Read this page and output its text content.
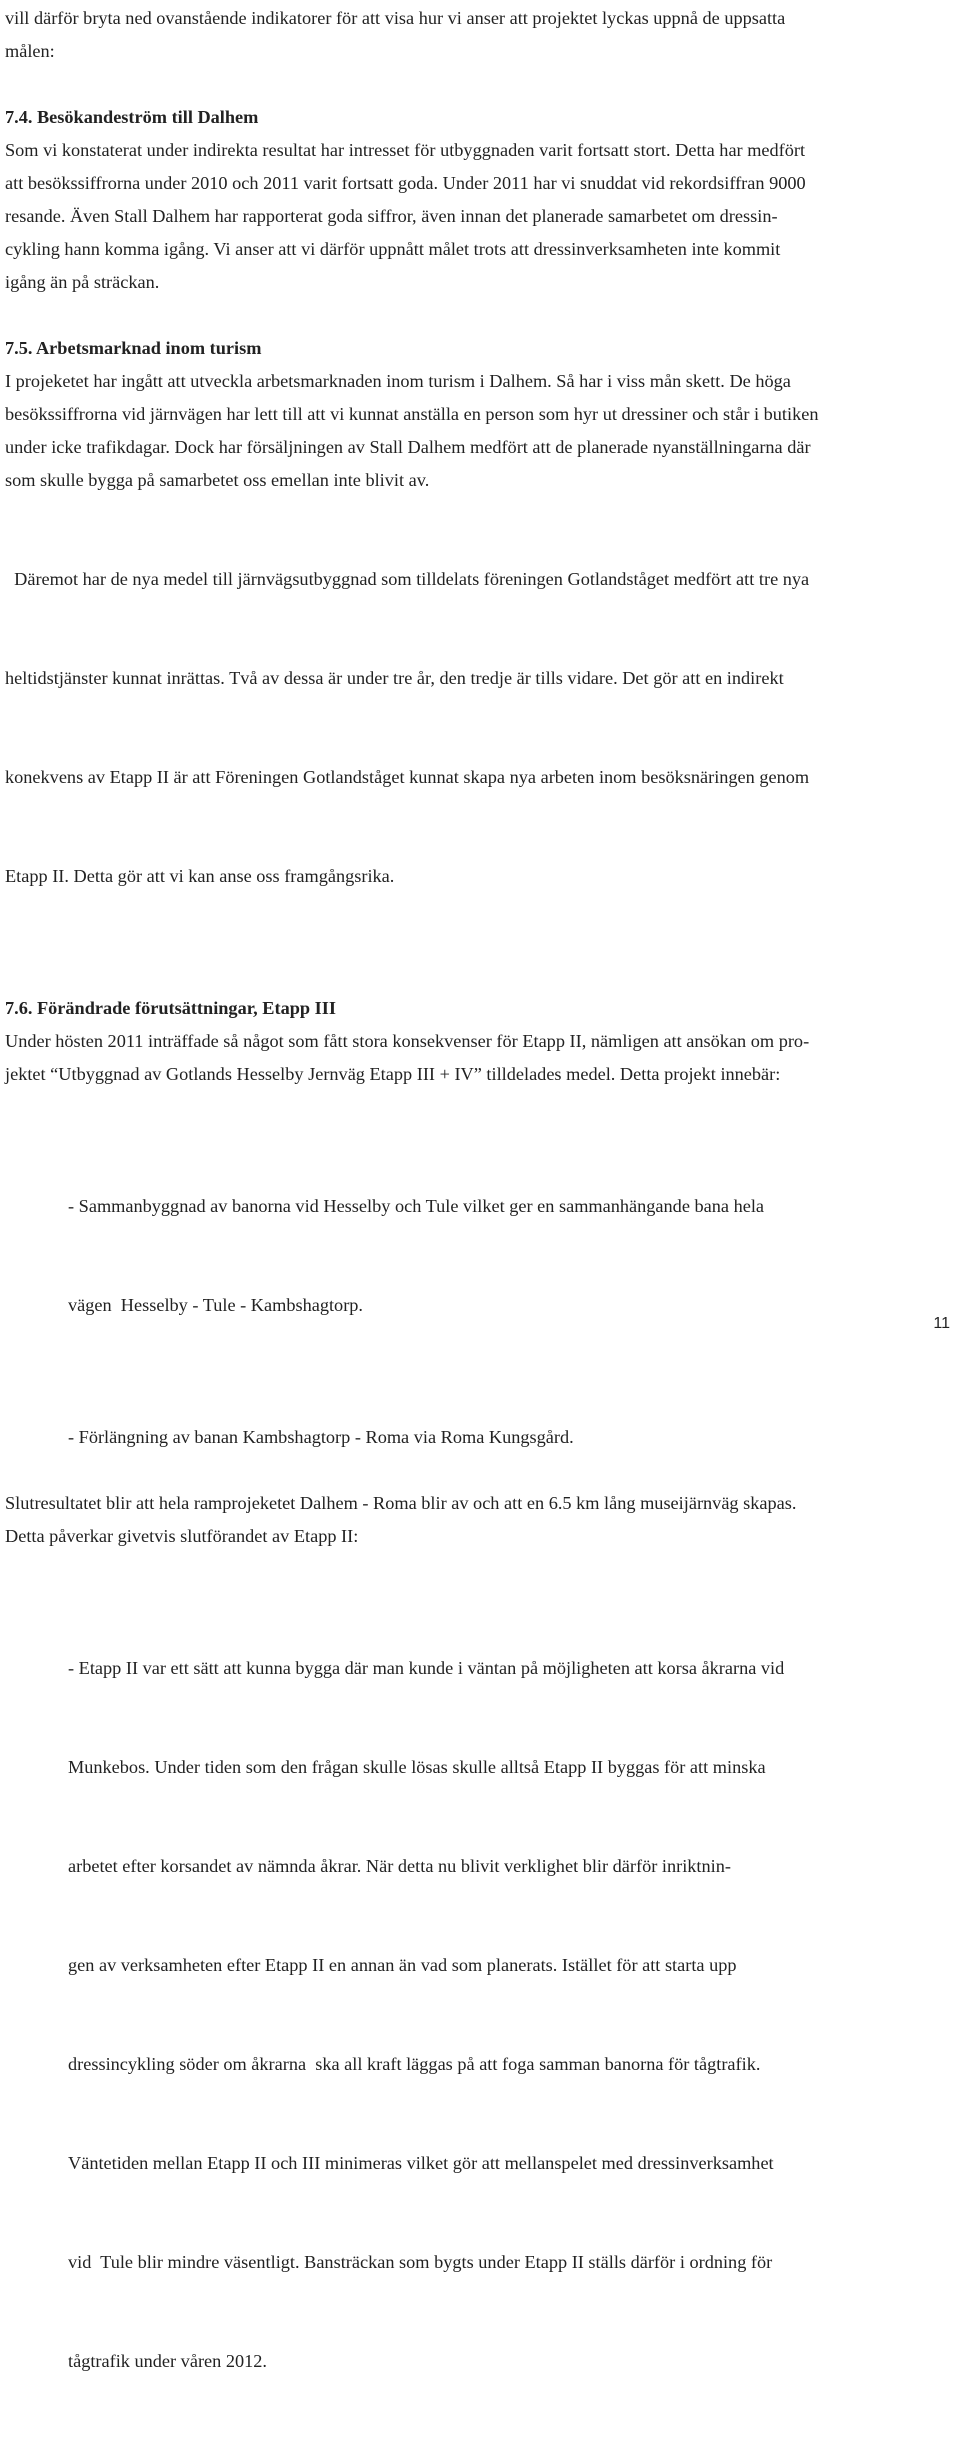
vill därför bryta ned ovanstående indikatorer för att visa hur vi anser att projektet lyckas uppnå de uppsatta
målen:

7.4. Besökandeström till Dalhem

Som vi konstaterat under indirekta resultat har intresset för utbyggnaden varit fortsatt stort. Detta har medfört
att besökssiffrorna under 2010 och 2011 varit fortsatt goda. Under 2011 har vi snuddat vid rekordsiffran 9000
resande. Även Stall Dalhem har rapporterat goda siffror, även innan det planerade samarbetet om dressin-
cykling hann komma igång. Vi anser att vi därför uppnått målet trots att dressinverksamheten inte kommit
igång än på sträckan.

7.5. Arbetsmarknad inom turism

I projeketet har ingått att utveckla arbetsmarknaden inom turism i Dalhem. Så har i viss mån skett. De höga
besökssiffrorna vid järnvägen har lett till att vi kunnat anställa en person som hyr ut dressiner och står i butiken
under icke trafikdagar. Dock har försäljningen av Stall Dalhem medfört att de planerade nyanställningarna där
som skulle bygga på samarbetet oss emellan inte blivit av.

Däremot har de nya medel till järnvägsutbyggnad som tilldelats föreningen Gotlandståget medfört att tre nya

heltidstjänster kunnat inrättas. Två av dessa är under tre år, den tredje är tills vidare. Det gör att en indirekt

konekvens av Etapp II är att Föreningen Gotlandståget kunnat skapa nya arbeten inom besöksnäringen genom

Etapp II. Detta gör att vi kan anse oss framgångsrika.

7.6. Förändrade förutsättningar, Etapp III

Under hösten 2011 inträffade så något som fått stora konsekvenser för Etapp II, nämligen att ansökan om pro-
jektet “Utbyggnad av Gotlands Hesselby Jernväg Etapp III + IV” tilldelades medel. Detta projekt innebär:

- Sammanbyggnad av banorna vid Hesselby och Tule vilket ger en sammanhängande bana hela

vägen  Hesselby - Tule - Kambshagtorp.

- Förlängning av banan Kambshagtorp - Roma via Roma Kungsgård.

Slutresultatet blir att hela ramprojeketet Dalhem - Roma blir av och att en 6.5 km lång museijärnväg skapas.
Detta påverkar givetvis slutförandet av Etapp II:

- Etapp II var ett sätt att kunna bygga där man kunde i väntan på möjligheten att korsa åkrarna vid

Munkebos. Under tiden som den frågan skulle lösas skulle alltså Etapp II byggas för att minska

arbetet efter korsandet av nämnda åkrar. När detta nu blivit verklighet blir därför inriktnin-

gen av verksamheten efter Etapp II en annan än vad som planerats. Istället för att starta upp

dressincykling söder om åkrarna  ska all kraft läggas på att foga samman banorna för tågtrafik.

Väntetiden mellan Etapp II och III minimeras vilket gör att mellanspelet med dressinverksamhet

vid  Tule blir mindre väsentligt. Bansträckan som bygts under Etapp II ställs därför i ordning för

tågtrafik under våren 2012.

11
